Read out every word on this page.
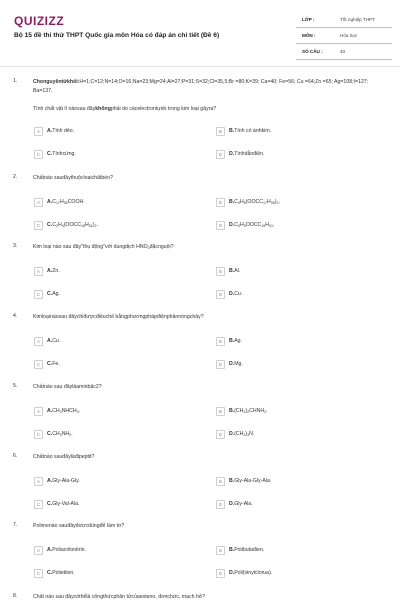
QUIZIZZ
Bộ 15 đề thi thử THPT Quốc gia môn Hóa có đáp án chi tiết (Đề 6)
LỚP :	Tốt nghiệp THPT
MÔN :	Hóa học
SỐ CÂU :	40
1.	Chonguyêntửkhối:H=1;C=12;N=14;O=16;Na=23;Mg=24;Al=27;P=31;S=32;Cl=35,5;Br =80;K=39; Ca=40; Fe=56; Cu =64;Zn =65; Ag=108;I=127; Ba=137.
Tính chất vật lí nàosau đâykhôngphải do cácelectrontựdo trong kim loại gâyra?
A	A.Tính dẻo.	B	B.Tính có ánhkim.
C	C.Tínhcứng.	D	D.Tínhdẫnđiện.
2.	Chấtnào sauđâythuộcloạichấtbéo?
A	$A.C_{17}H_{35}COOH$.	B	$B.C_3H_5(OOCC_{17}H_{35})_3$.
C	$C.C_2H_4(OOCC_{15}H_{31})_2$.	D	$D.C_3H_5OOCC_{15}H_{31}$.
3.	Kim loại nào sau đây"thụ động"với dungdịch $HNO_3đặcnguội$?
A	A.Zn.	B	B.Al.
C	C.Ag.	D	D.Cu.
4.	Kimloạinàosau đâychỉđượcđiềuchế bằngphươngphápđiệnphânnóngchảy?
A	A.Cu.	B	B.Ag.
C	C.Fe.	D	D.Mg.
5.	Chấtnào sau đâylàaminbậc2?
A	$A.CH_3NHCH_3$.	B	$B.(CH_3)_2CHNH_2$.
C	$C.CH_3NH_2$.	D	$D.(CH_3)_3N$.
6.	Chấtnào sauđâylàđipeptit?
A	A.Gly-Ala-Gly.	B	B.Gly-Ala-Gly-Ala.
C	C.Gly-Val-Ala.	D	D.Gly-Ala.
7.	Polimenào sauđâyđượcdùngđể làm tơ?
A	A.Poliacrilonitrin.	B	B.Polibutađien.
C	C.Polietilen.	D	D.Poli(vinylclorua).
8.	Chất nào sau đâycóthểlà côngthứcphân tửcủaesteno, đơnchức, mạch hở?
